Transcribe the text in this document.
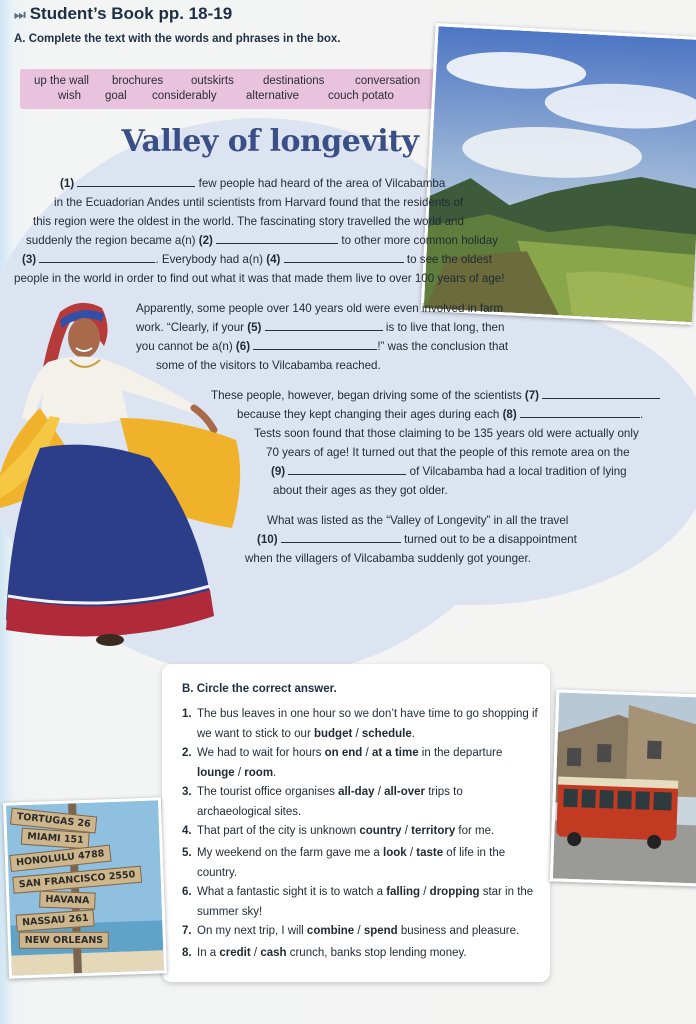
⏭ Student’s Book pp. 18-19
A. Complete the text with the words and phrases in the box.
up the wall brochures outskirts	destinations	conversation
wish goal considerably	alternative	couch potato
Valley of longevity
(1)	few people had heard of the area of Vilcabamba
in the Ecuadorian Andes until scientists from Harvard found that the residents of
this region were the oldest in the world. The fascinating story travelled the world and
suddenly the region became a(n) (2)	to other more common holiday
(3)	. Everybody had a(n) (4)	to see the oldest
people in the world in order to find out what it was that made them live to over 100 years of age!
Apparently, some people over 140 years old were even involved in farm
work. “Clearly, if your (5)	is to live that long, then
you cannot be a(n) (6)	!” was the conclusion that
some of the visitors to Vilcabamba reached.
These people, however, began driving some of the scientists (7)
because they kept changing their ages during each (8)	.
Tests soon found that those claiming to be 135 years old were actually only
70 years of age! It turned out that the people of this remote area on the
(9)	of Vilcabamba had a local tradition of lying
about their ages as they got older.
What was listed as the “Valley of Longevity” in all the travel
(10)	turned out to be a disappointment
when the villagers of Vilcabamba suddenly got younger.
B. Circle the correct answer.
1. The bus leaves in one hour so we don’t have time to go shopping if we want to stick to our budget / schedule.
2. We had to wait for hours on end / at a time in the departure lounge / room.
3. The tourist office organises all-day / all-over trips to archaeological sites.
4. That part of the city is unknown country / territory for me.
5. My weekend on the farm gave me a look / taste of life in the country.
6. What a fantastic sight it is to watch a falling / dropping star in the summer sky!
7. On my next trip, I will combine / spend business and pleasure.
8. In a credit / cash crunch, banks stop lending money.
TORTUGAS 26
MIAMI 151
HONOLULU 4788
SAN FRANCISCO 2550
HAVANA
NASSAU 261
NEW ORLEANS
